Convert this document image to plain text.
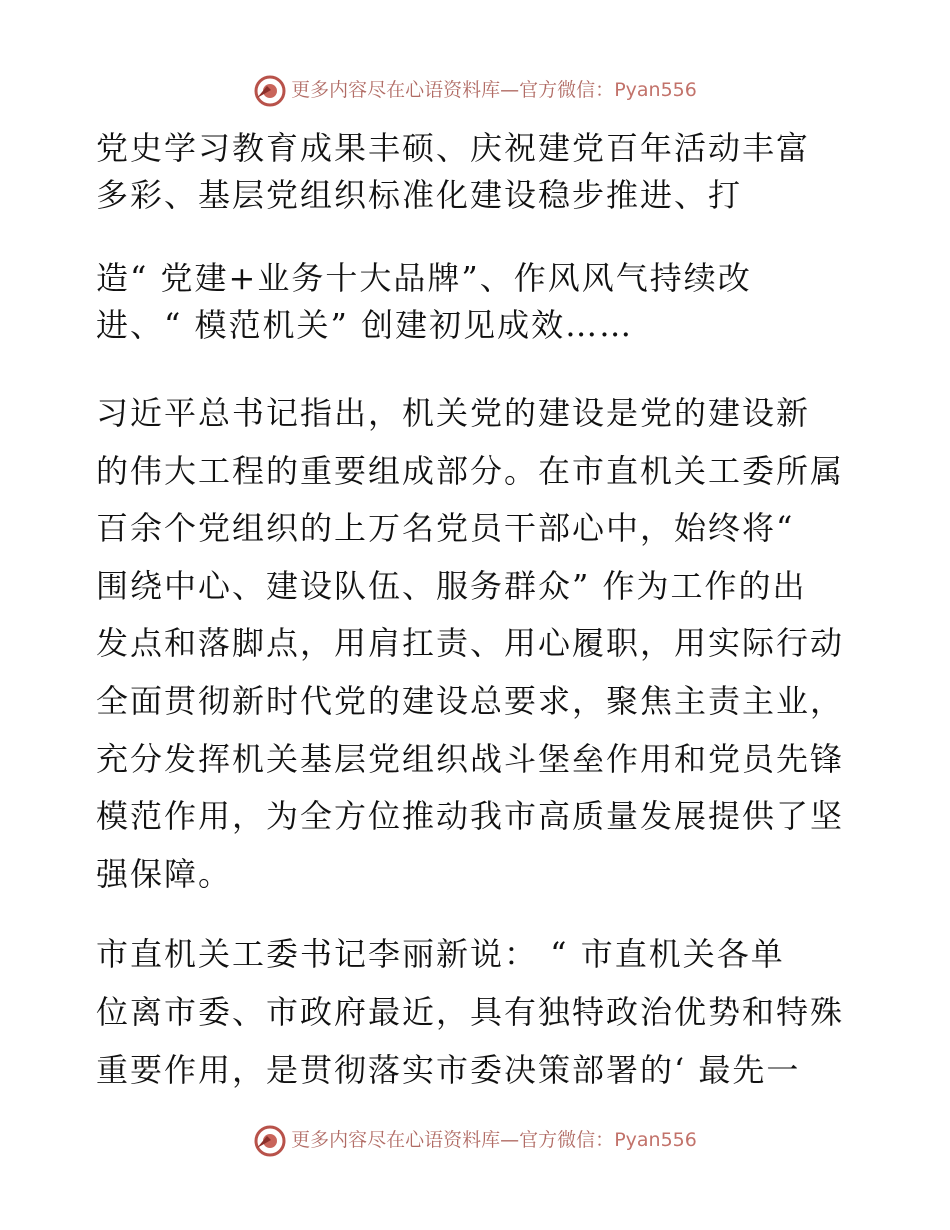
更多内容尽在心语资料库—官方微信：Pyan556
党史学习教育成果丰硕、庆祝建党百年活动丰富
多彩、基层党组织标准化建设稳步推进、打
造“ 党建+业务十大品牌”、作风风气持续改
进、“ 模范机关” 创建初见成效……
习近平总书记指出，机关党的建设是党的建设新
的伟大工程的重要组成部分。在市直机关工委所属
百余个党组织的上万名党员干部心中，始终将“
围绕中心、建设队伍、服务群众” 作为工作的出
发点和落脚点，用肩扛责、用心履职，用实际行动
全面贯彻新时代党的建设总要求，聚焦主责主业，
充分发挥机关基层党组织战斗堡垒作用和党员先锋
模范作用，为全方位推动我市高质量发展提供了坚
强保障。
市直机关工委书记李丽新说： “ 市直机关各单
位离市委、市政府最近，具有独特政治优势和特殊
重要作用，是贯彻落实市委决策部署的‘ 最先一
更多内容尽在心语资料库—官方微信：Pyan556
